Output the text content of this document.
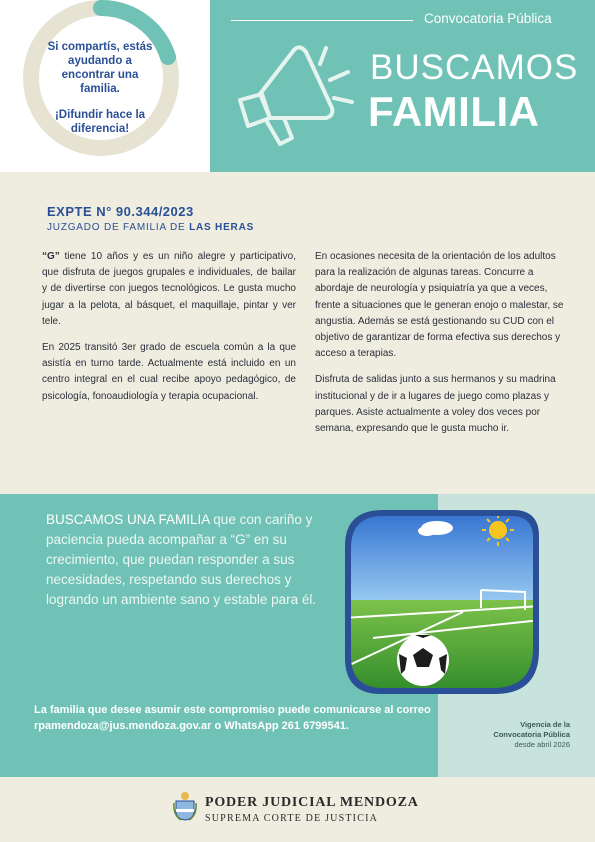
Si compartís, estás ayudando a encontrar una familia.

¡Difundir hace la diferencia!

Convocatoria Pública
BUSCAMOS
FAMILIA
EXPTE N° 90.344/2023
JUZGADO DE FAMILIA DE LAS HERAS

“G” tiene 10 años y es un niño alegre y participativo, que disfruta de juegos grupales e individuales, de bailar y de divertirse con juegos tecnológicos. Le gusta mucho jugar a la pelota, al básquet, el maquillaje, pintar y ver tele.

En 2025 transitó 3er grado de escuela común a la que asistía en turno tarde. Actualmente está incluido en un centro integral en el cual recibe apoyo pedagógico, de psicología, fonoaudiología y terapia ocupacional.

En ocasiones necesita de la orientación de los adultos para la realización de algunas tareas. Concurre a abordaje de neurología y psiquiatría ya que a veces, frente a situaciones que le generan enojo o malestar, se angustia. Además se está gestionando su CUD con el objetivo de garantizar de forma efectiva sus derechos y acceso a terapias.

Disfruta de salidas junto a sus hermanos y su madrina institucional y de ir a lugares de juego como plazas y parques. Asiste actualmente a voley dos veces por semana, expresando que le gusta mucho ir.

BUSCAMOS UNA FAMILIA que con cariño y paciencia pueda acompañar a “G” en su crecimiento, que puedan responder a sus necesidades, respetando sus derechos y logrando un ambiente sano y estable para él.
La familia que desee asumir este compromiso puede comunicarse al correo rpamendoza@jus.mendoza.gov.ar o WhatsApp 261 6799541.	Vigencia de la
Convocatoria Pública
desde abril 2026
PODER JUDICIAL MENDOZA
SUPREMA CORTE DE JUSTICIA
